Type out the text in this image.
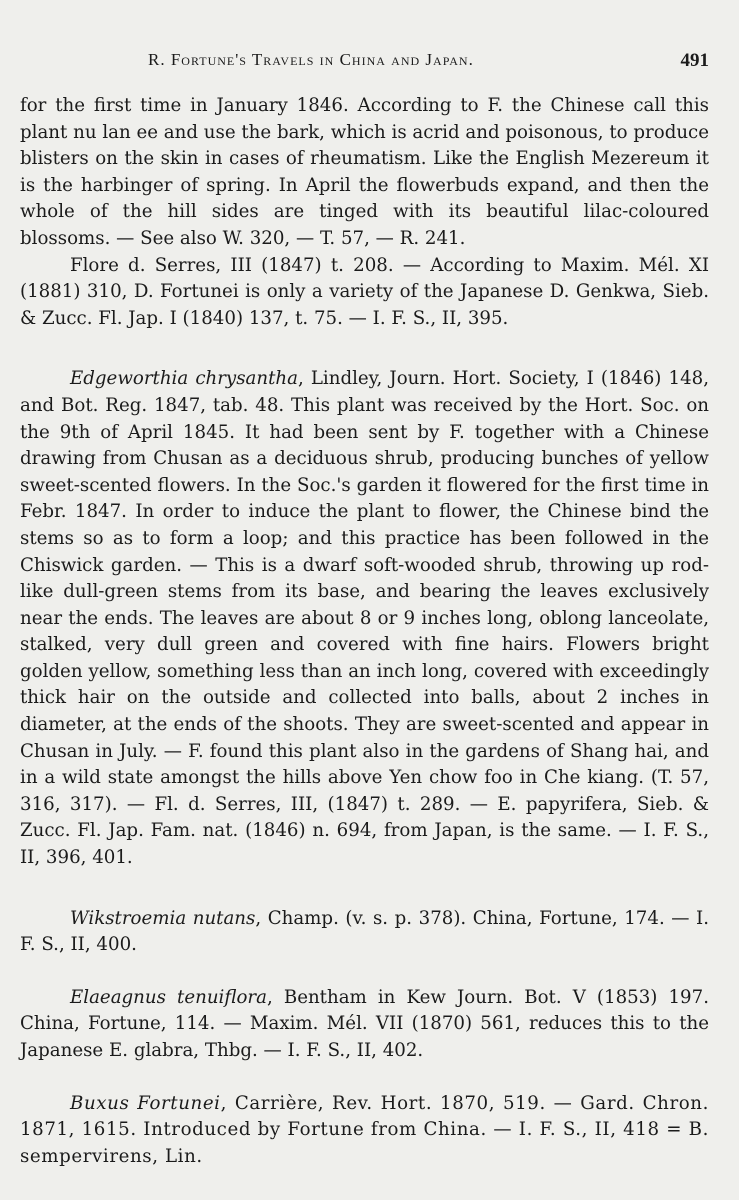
R. Fortune's Travels in China and Japan.	491

for the first time in January 1846. According to F. the Chinese call this plant nu lan ee and use the bark, which is acrid and poisonous, to produce blisters on the skin in cases of rheumatism. Like the English Mezereum it is the harbinger of spring. In April the flowerbuds expand, and then the whole of the hill sides are tinged with its beautiful lilac-coloured blossoms. — See also W. 320, — T. 57, — R. 241.

Flore d. Serres, III (1847) t. 208. — According to Maxim. Mél. XI (1881) 310, D. Fortunei is only a variety of the Japanese D. Genkwa, Sieb. & Zucc. Fl. Jap. I (1840) 137, t. 75. — I. F. S., II, 395.

Edgeworthia chrysantha, Lindley, Journ. Hort. Society, I (1846) 148, and Bot. Reg. 1847, tab. 48. This plant was received by the Hort. Soc. on the 9th of April 1845. It had been sent by F. together with a Chinese drawing from Chusan as a deciduous shrub, producing bunches of yellow sweet-scented flowers. In the Soc.'s garden it flowered for the first time in Febr. 1847. In order to induce the plant to flower, the Chinese bind the stems so as to form a loop; and this practice has been followed in the Chiswick garden. — This is a dwarf soft-wooded shrub, throwing up rod-like dull-green stems from its base, and bearing the leaves exclusively near the ends. The leaves are about 8 or 9 inches long, oblong lanceolate, stalked, very dull green and covered with fine hairs. Flowers bright golden yellow, something less than an inch long, covered with exceedingly thick hair on the outside and collected into balls, about 2 inches in diameter, at the ends of the shoots. They are sweet-scented and appear in Chusan in July. — F. found this plant also in the gardens of Shang hai, and in a wild state amongst the hills above Yen chow foo in Che kiang. (T. 57, 316, 317). — Fl. d. Serres, III, (1847) t. 289. — E. papyrifera, Sieb. & Zucc. Fl. Jap. Fam. nat. (1846) n. 694, from Japan, is the same. — I. F. S., II, 396, 401.

Wikstroemia nutans, Champ. (v. s. p. 378). China, Fortune, 174. — I. F. S., II, 400.

Elaeagnus tenuiflora, Bentham in Kew Journ. Bot. V (1853) 197. China, Fortune, 114. — Maxim. Mél. VII (1870) 561, reduces this to the Japanese E. glabra, Thbg. — I. F. S., II, 402.

Buxus Fortunei, Carrière, Rev. Hort. 1870, 519. — Gard. Chron. 1871, 1615. Introduced by Fortune from China. — I. F. S., II, 418 = B. sempervirens, Lin.
